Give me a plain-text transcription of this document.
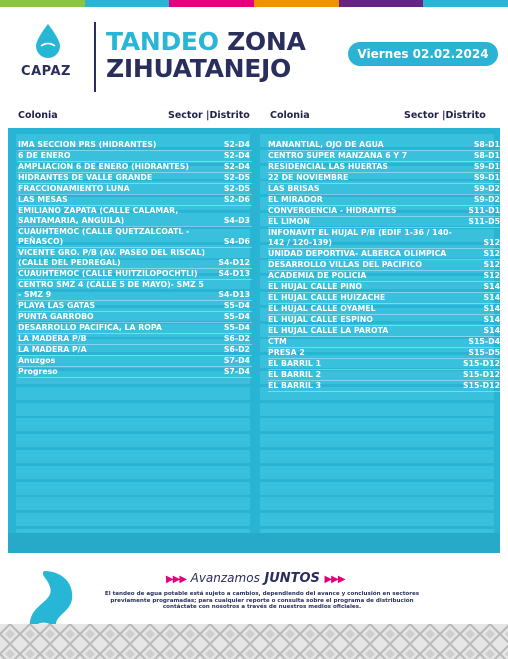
CAPAZ
TANDEO ZONA
ZIHUATANEJO	Viernes 02.02.2024
Colonia	Sector |Distrito Colonia	Sector |Distrito
IMA SECCION PRS (HIDRANTES)	S2-D4
6 DE ENERO	S2-D4
AMPLIACION 6 DE ENERO (HIDRANTES)	S2-D4
HIDRANTES DE VALLE GRANDE	S2-D5
FRACCIONAMIENTO LUNA	S2-D5
LAS MESAS	S2-D6
EMILIANO ZAPATA (CALLE CALAMAR, SANTAMARIA, ANGUILA)	S4-D3
CUAUHTEMOC (CALLE QUETZALCOATL - PEÑASCO)	S4-D6
VICENTE GRO. P/B (AV. PASEO DEL RISCAL) (CALLE DEL PEDREGAL)	S4-D12
CUAUHTEMOC (CALLE HUITZILOPOCHTLI)	S4-D13
CENTRO SMZ 4 (CALLE 5 DE MAYO)- SMZ 5 - SMZ 9	S4-D13
PLAYA LAS GATAS	S5-D4
PUNTA GARROBO	S5-D4
DESARROLLO PACIFICA, LA ROPA	S5-D4
LA MADERA P/B	S6-D2
LA MADERA P/A	S6-D2
Anuzgos	S7-D4
Progreso	S7-D4
MANANTIAL, OJO DE AGUA	S8-D1
CENTRO SUPER MANZANA 6 Y 7	S8-D1
RESIDENCIAL LAS HUERTAS	S9-D1
22 DE NOVIEMBRE	S9-D1
LAS BRISAS	S9-D2
EL MIRADOR	S9-D2
CONVERGENCIA - HIDRANTES	S11-D1
EL LIMON	S11-D5
INFONAVIT EL HUJAL P/B (EDIF 1-36 / 140-142 / 120-139)	S12
UNIDAD DEPORTIVA- ALBERCA OLIMPICA	S12
DESARROLLO VILLAS DEL PACIFICO	S12
ACADEMIA DE POLICIA	S12
EL HUJAL CALLE PINO	S14
EL HUJAL CALLE HUIZACHE	S14
EL HUJAL CALLE OYAMEL	S14
EL HUJAL CALLE ESPINO	S14
EL HUJAL CALLE LA PAROTA	S14
CTM	S15-D4
PRESA 2	S15-D5
EL BARRIL 1	S15-D12
EL BARRIL 2	S15-D12
EL BARRIL 3	S15-D12
▶▶▶ Avanzamos JUNTOS ▶▶▶
El tandeo de agua potable está sujeto a cambios, dependiendo del avance y conclusión en sectores previamente programadas; para cualquier reporte o consulta sobre el programa de distribución contáctate con nosotros a través de nuestros medios oficiales.
